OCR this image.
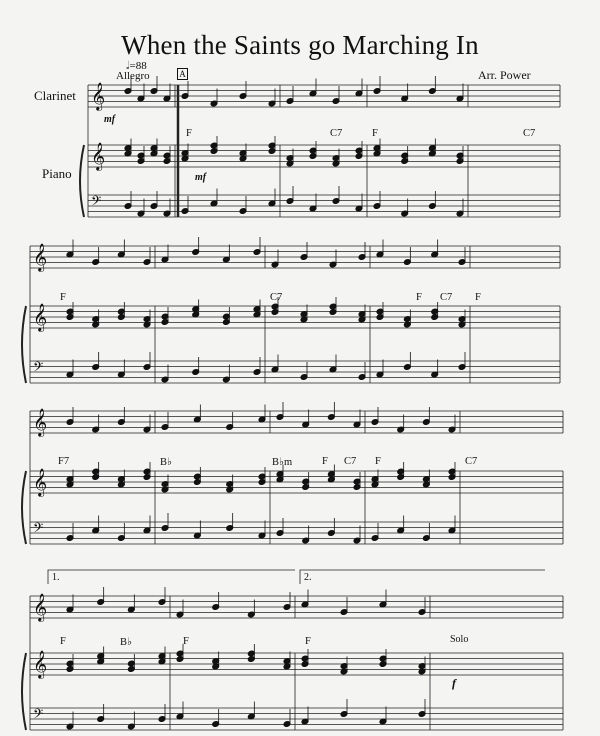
When the Saints go Marching In
𝅗𝅥=88
Allegro	A	Arr. Power
Clarinet
Piano
mf
mf
F	C7	F	C7
F	C7	F C7 F
F7	B♭	B♭m	F C7 F	C7
F	B♭	F	F	Solo
f
1.	2.
𝄞
𝄞
𝄢
𝄞
𝄞
𝄢
𝄞
𝄞
𝄢
𝄞
𝄞
𝄢
